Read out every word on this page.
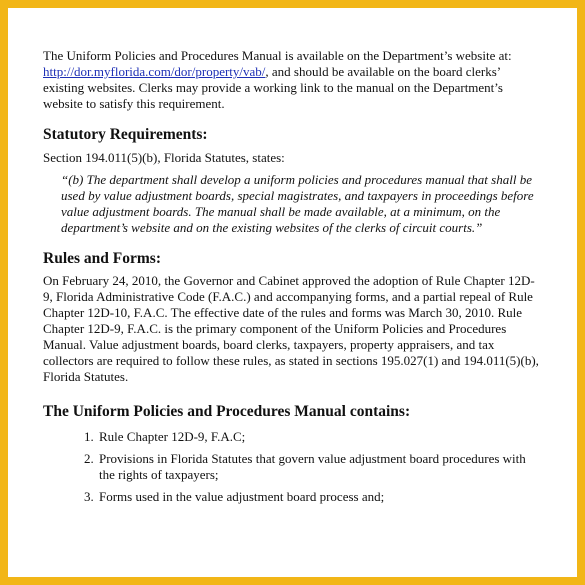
The Uniform Policies and Procedures Manual is available on the Department’s website at: http://dor.myflorida.com/dor/property/vab/, and should be available on the board clerks’ existing websites. Clerks may provide a working link to the manual on the Department’s website to satisfy this requirement.

Statutory Requirements:

Section 194.011(5)(b), Florida Statutes, states:

“(b) The department shall develop a uniform policies and procedures manual that shall be used by value adjustment boards, special magistrates, and taxpayers in proceedings before value adjustment boards. The manual shall be made available, at a minimum, on the department’s website and on the existing websites of the clerks of circuit courts.”

Rules and Forms:

On February 24, 2010, the Governor and Cabinet approved the adoption of Rule Chapter 12D-9, Florida Administrative Code (F.A.C.) and accompanying forms, and a partial repeal of Rule Chapter 12D-10, F.A.C. The effective date of the rules and forms was March 30, 2010. Rule Chapter 12D-9, F.A.C. is the primary component of the Uniform Policies and Procedures Manual. Value adjustment boards, board clerks, taxpayers, property appraisers, and tax collectors are required to follow these rules, as stated in sections 195.027(1) and 194.011(5)(b), Florida Statutes.

The Uniform Policies and Procedures Manual contains:
1. Rule Chapter 12D-9, F.A.C;
2. Provisions in Florida Statutes that govern value adjustment board procedures with the rights of taxpayers;
3. Forms used in the value adjustment board process and;
